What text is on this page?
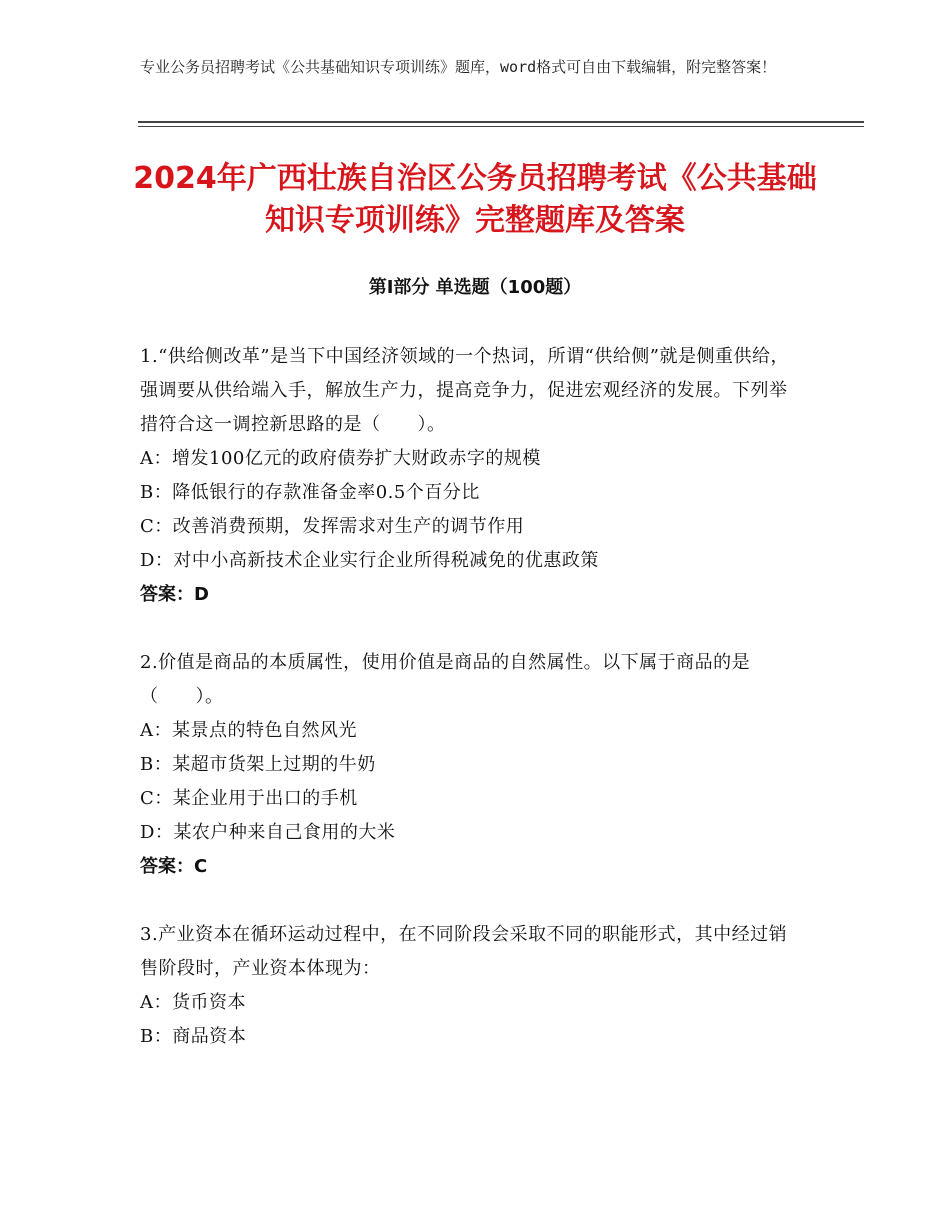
专业公务员招聘考试《公共基础知识专项训练》题库，word格式可自由下载编辑，附完整答案！
2024年广西壮族自治区公务员招聘考试《公共基础知识专项训练》完整题库及答案
第Ⅰ部分 单选题（100题）
1.“供给侧改革”是当下中国经济领域的一个热词，所谓“供给侧”就是侧重供给，强调要从供给端入手，解放生产力，提高竞争力，促进宏观经济的发展。下列举措符合这一调控新思路的是（　　）。
A：增发100亿元的政府债券扩大财政赤字的规模
B：降低银行的存款准备金率0.5个百分比
C：改善消费预期，发挥需求对生产的调节作用
D：对中小高新技术企业实行企业所得税减免的优惠政策
答案：D
2.价值是商品的本质属性，使用价值是商品的自然属性。以下属于商品的是（　　）。
A：某景点的特色自然风光
B：某超市货架上过期的牛奶
C：某企业用于出口的手机
D：某农户种来自己食用的大米
答案：C
3.产业资本在循环运动过程中，在不同阶段会采取不同的职能形式，其中经过销售阶段时，产业资本体现为：
A：货币资本
B：商品资本
